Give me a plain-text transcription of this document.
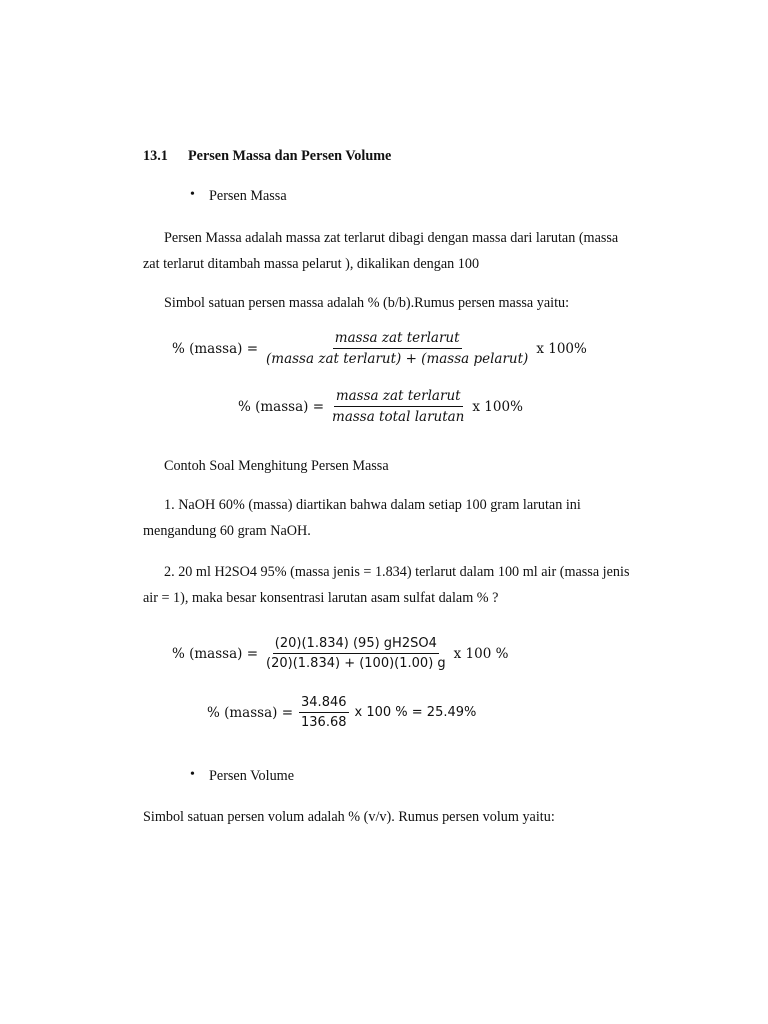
13.1 Persen Massa dan Persen Volume
• Persen Massa
Persen Massa adalah massa zat terlarut dibagi dengan massa dari larutan (massa
zat terlarut ditambah massa pelarut ), dikalikan dengan 100
Simbol satuan persen massa adalah % (b/b).Rumus persen massa yaitu:
% (massa) = $\frac{\text{massa zat terlarut}}{\text{(massa zat terlarut) + (massa pelarut)}}$ x 100%
% (massa) = $\frac{\text{massa zat terlarut}}{\text{massa total larutan}}$ x 100%
Contoh Soal Menghitung Persen Massa
1. NaOH 60% (massa) diartikan bahwa dalam setiap 100 gram larutan ini
mengandung 60 gram NaOH.
2. 20 ml H2SO4 95% (massa jenis = 1.834) terlarut dalam 100 ml air (massa jenis
air = 1), maka besar konsentrasi larutan asam sulfat dalam % ?
% (massa) = $\frac{(20)(1.834) (95) gH2SO4}{(20)(1.834) + (100)(1.00) g}$ x 100 %
% (massa) = $\frac{34.846}{136.68}$ x 100 % = 25.49%
• Persen Volume
Simbol satuan persen volum adalah % (v/v). Rumus persen volum yaitu:
